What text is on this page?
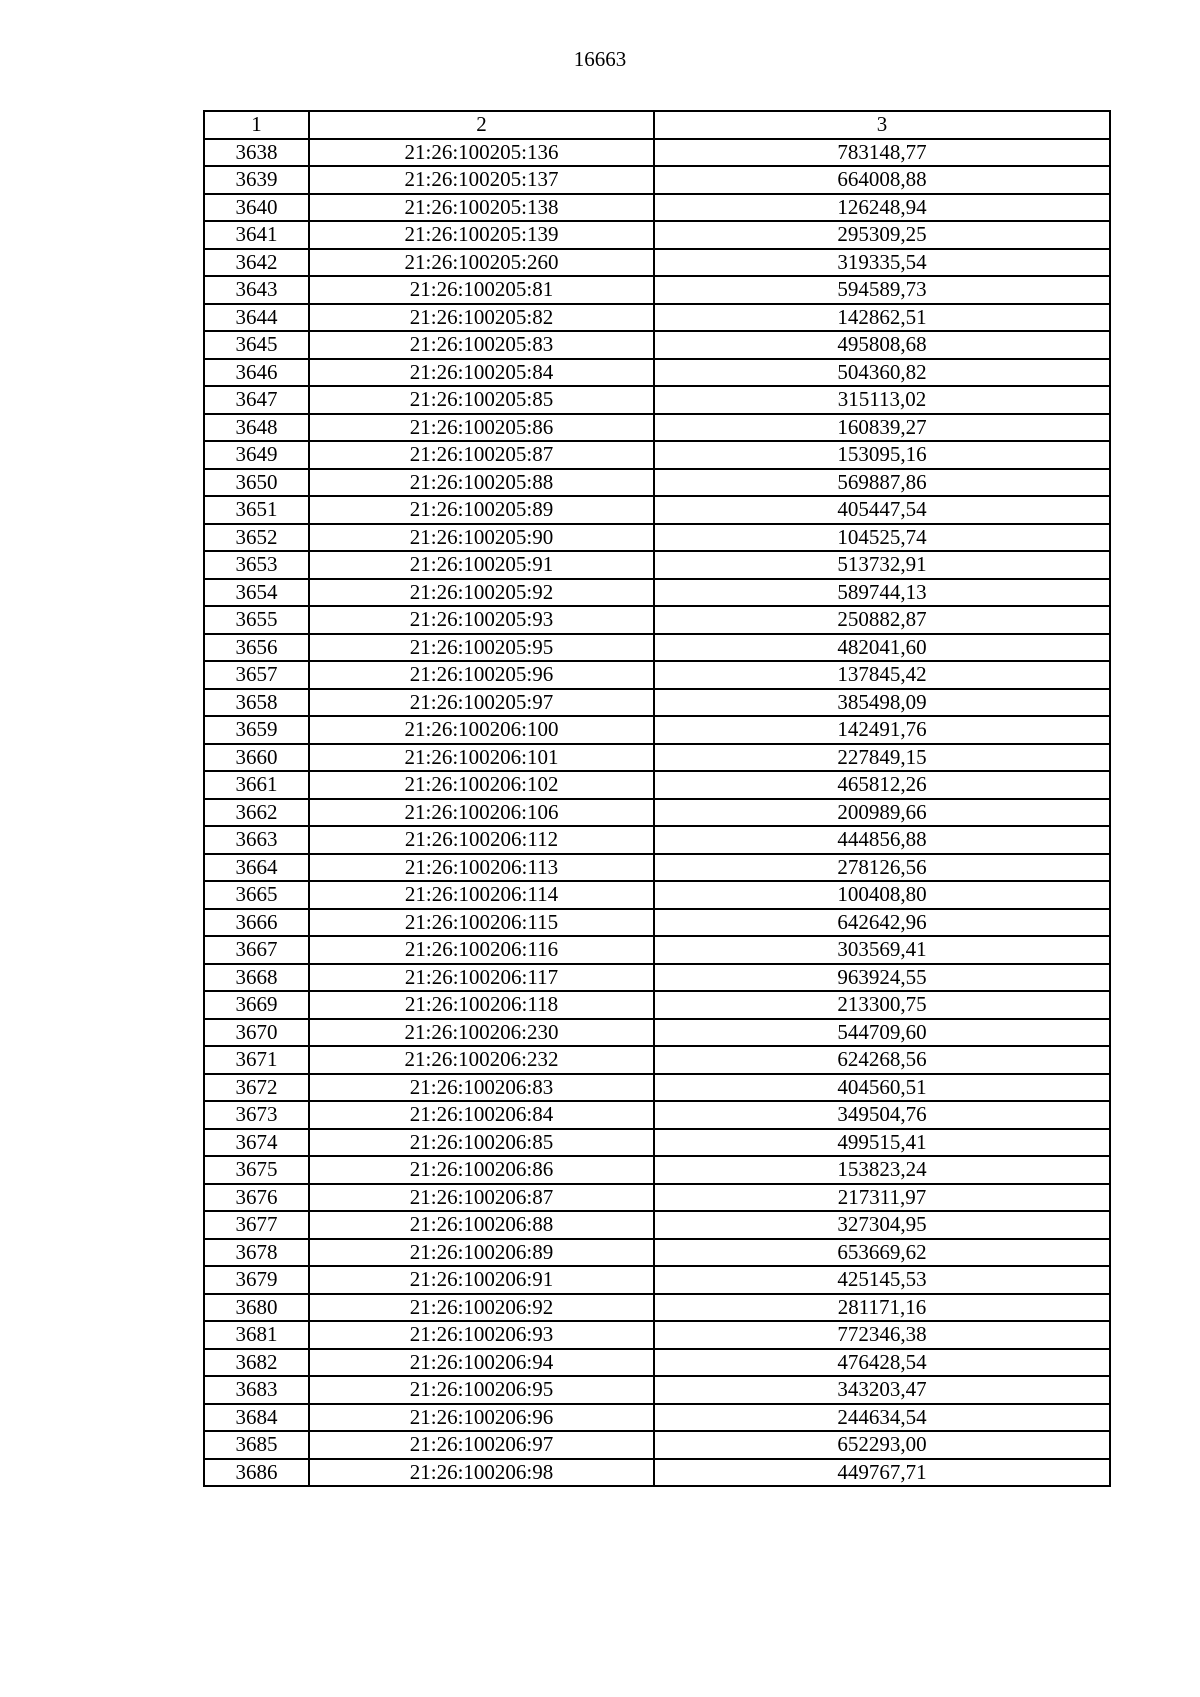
16663
1	2	3
3638	21:26:100205:136	783148,77
3639	21:26:100205:137	664008,88
3640	21:26:100205:138	126248,94
3641	21:26:100205:139	295309,25
3642	21:26:100205:260	319335,54
3643	21:26:100205:81	594589,73
3644	21:26:100205:82	142862,51
3645	21:26:100205:83	495808,68
3646	21:26:100205:84	504360,82
3647	21:26:100205:85	315113,02
3648	21:26:100205:86	160839,27
3649	21:26:100205:87	153095,16
3650	21:26:100205:88	569887,86
3651	21:26:100205:89	405447,54
3652	21:26:100205:90	104525,74
3653	21:26:100205:91	513732,91
3654	21:26:100205:92	589744,13
3655	21:26:100205:93	250882,87
3656	21:26:100205:95	482041,60
3657	21:26:100205:96	137845,42
3658	21:26:100205:97	385498,09
3659	21:26:100206:100	142491,76
3660	21:26:100206:101	227849,15
3661	21:26:100206:102	465812,26
3662	21:26:100206:106	200989,66
3663	21:26:100206:112	444856,88
3664	21:26:100206:113	278126,56
3665	21:26:100206:114	100408,80
3666	21:26:100206:115	642642,96
3667	21:26:100206:116	303569,41
3668	21:26:100206:117	963924,55
3669	21:26:100206:118	213300,75
3670	21:26:100206:230	544709,60
3671	21:26:100206:232	624268,56
3672	21:26:100206:83	404560,51
3673	21:26:100206:84	349504,76
3674	21:26:100206:85	499515,41
3675	21:26:100206:86	153823,24
3676	21:26:100206:87	217311,97
3677	21:26:100206:88	327304,95
3678	21:26:100206:89	653669,62
3679	21:26:100206:91	425145,53
3680	21:26:100206:92	281171,16
3681	21:26:100206:93	772346,38
3682	21:26:100206:94	476428,54
3683	21:26:100206:95	343203,47
3684	21:26:100206:96	244634,54
3685	21:26:100206:97	652293,00
3686	21:26:100206:98	449767,71
